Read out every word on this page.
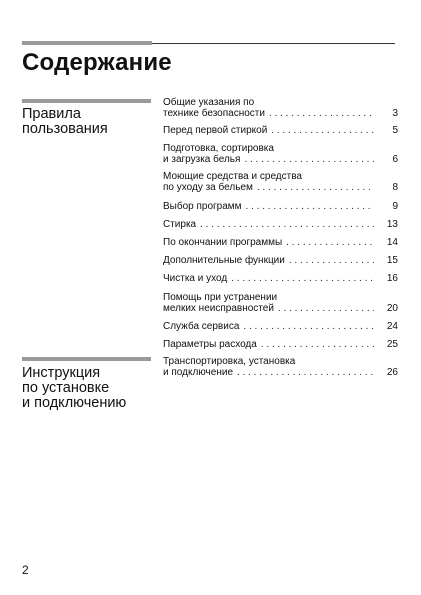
Содержание
Правила
пользования
Общие указания по
технике безопасности . . .	3
Перед первой стиркой . . .	5
Подготовка, сортировка
и загрузка белья . . .	6
Моющие средства и средства
по уходу за бельем . . .	8
Выбор программ . . .	9
Стирка . . .	13
По окончании программы . . .	14
Дополнительные функции . . .	15
Чистка и уход . . .	16
Помощь при устранении
мелких неисправностей . . .	20
Служба сервиса . . .	24
Параметры расхода . . .	25
Инструкция
по установке
и подключению
Транспортировка, установка
и подключение . . .	26
2
